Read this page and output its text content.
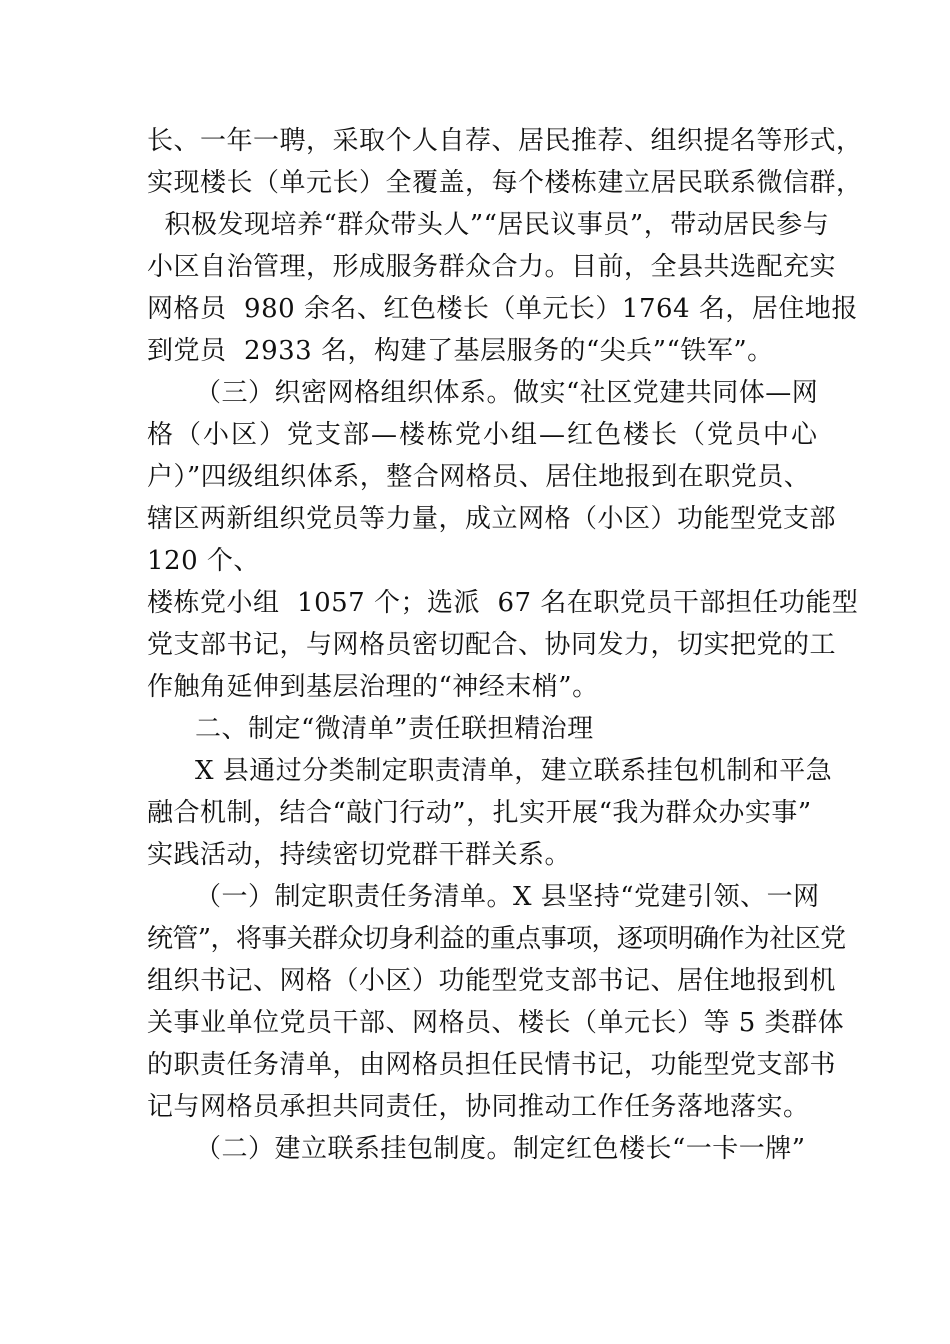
长、一年一聘，采取个人自荐、居民推荐、组织提名等形式，
实现楼长（单元长）全覆盖，每个楼栋建立居民联系微信群，
积极发现培养“群众带头人”“居民议事员”，带动居民参与
小区自治管理，形成服务群众合力。目前，全县共选配充实
网格员  980 余名、红色楼长（单元长）1764 名，居住地报
到党员  2933 名，构建了基层服务的“尖兵”“铁军”。
（三）织密网格组织体系。做实“社区党建共同体—网
格（小区）党支部—楼栋党小组—红色楼长（党员中心
户）”四级组织体系，整合网格员、居住地报到在职党员、
辖区两新组织党员等力量，成立网格（小区）功能型党支部
120 个、
楼栋党小组  1057 个；选派  67 名在职党员干部担任功能型
党支部书记，与网格员密切配合、协同发力，切实把党的工
作触角延伸到基层治理的“神经末梢”。
二、制定“微清单”责任联担精治理
X 县通过分类制定职责清单，建立联系挂包机制和平急
融合机制，结合“敲门行动”，扎实开展“我为群众办实事”
实践活动，持续密切党群干群关系。
（一）制定职责任务清单。X 县坚持“党建引领、一网
统管”，将事关群众切身利益的重点事项，逐项明确作为社区党
组织书记、网格（小区）功能型党支部书记、居住地报到机
关事业单位党员干部、网格员、楼长（单元长）等 5 类群体
的职责任务清单，由网格员担任民情书记，功能型党支部书
记与网格员承担共同责任，协同推动工作任务落地落实。
（二）建立联系挂包制度。制定红色楼长“一卡一牌”
